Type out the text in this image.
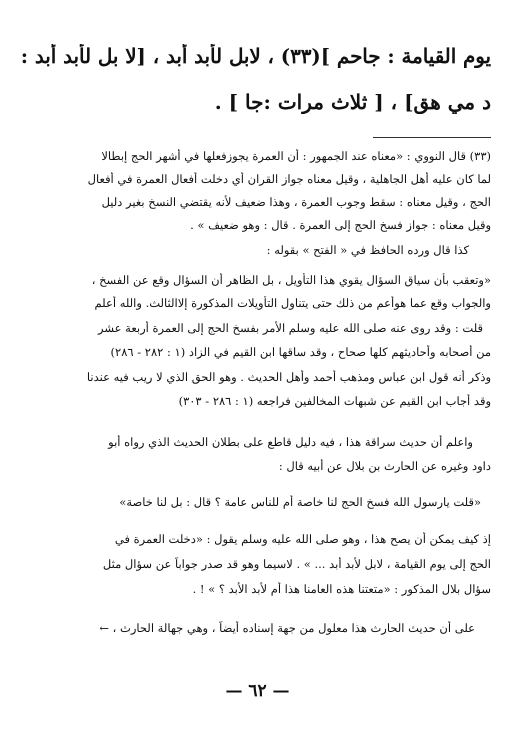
يوم القيامة : جاحم ](٣٣) ، لابل لأبد أبد ، [لا بل لأبد أبد :
د مي هق] ، [ ثلاث مرات :جا ] .
(٣٣) قال النووي : «معناه عند الجمهور : أن العمرة يجوزفعلها في أشهر الحج إبطالا
لما كان عليه أهل الجاهلية ، وقيل معناه جواز القران أي دخلت أفعال العمرة في أفعال
الحج ، وقيل معناه : سقط وجوب العمرة ، وهذا ضعيف لأنه يقتضي النسخ بغير دليل
وقيل معناه : جواز فسخ الحج إلى العمرة . قال : وهو ضعيف » .
كذا قال ورده الحافظ في « الفتح » بقوله :
«وتعقب بأن سياق السؤال يقوي هذا التأويل ، بل الظاهر أن السؤال وقع عن الفسخ ،
والجواب وقع عما هوأعم من ذلك حتى يتناول التأويلات المذكورة إلاالثالث. والله أعلم
قلت : وقد روى عنه صلى الله عليه وسلم الأمر بفسخ الحج إلى العمرة أربعة عشر
من أصحابه وأحاديثهم كلها صحاح ، وقد ساقها ابن القيم في الزاد (١ : ٢٨٢ - ٢٨٦)
وذكر أنه قول ابن عباس ومذهب أحمد وأهل الحديث . وهو الحق الذي لا ريب فيه عندنا
وقد أجاب ابن القيم عن شبهات المخالفين فراجعه (١ : ٢٨٦ - ٣٠٣)
واعلم أن حديث سراقة هذا ، فيه دليل قاطع على بطلان الحديث الذي رواه أبو
داود وغيره عن الحارث بن بلال عن أبيه قال :
«قلت يارسول الله فسخ الحج لنا خاصة أم للناس عامة ؟ قال : بل لنا خاصة»
إذ كيف يمكن أن يصح هذا ، وهو صلى الله عليه وسلم يقول : «دخلت العمرة في
الحج إلى يوم القيامة ، لابل لأبد أبد ... » . لاسيما وهو قد صدر جواباً عن سؤال مثل
سؤال بلال المذكور : «متعتنا هذه العامنا هذا أم لأبد الأبد ؟ » ! .
على أن حديث الحارث هذا معلول من جهة إسناده أيضاً ، وهي جهالة الحارث ، ←
— ٦٢ —
